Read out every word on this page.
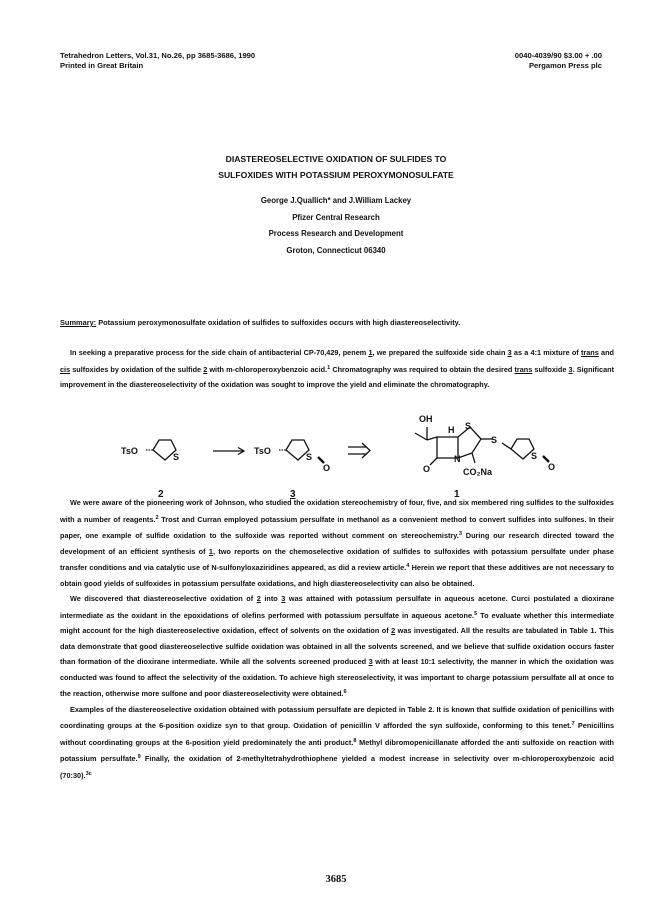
Tetrahedron Letters, Vol.31, No.26, pp 3685-3686, 1990
Printed in Great Britain
0040-4039/90 $3.00 + .00
Pergamon Press plc
DIASTEREOSELECTIVE OXIDATION OF SULFIDES TO
SULFOXIDES WITH POTASSIUM PEROXYMONOSULFATE
George J.Quallich* and J.William Lackey
Pfizer Central Research
Process Research and Development
Groton, Connecticut 06340
Summary: Potassium peroxymonosulfate oxidation of sulfides to sulfoxides occurs with high diastereoselectivity.

In seeking a preparative process for the side chain of antibacterial CP-70,429, penem 1, we prepared the sulfoxide side chain 3 as a 4:1 mixture of trans and cis sulfoxides by oxidation of the sulfide 2 with m-chloroperoxybenzoic acid.$^1$ Chromatography was required to obtain the desired trans sulfoxide 3. Significant improvement in the diastereoselectivity of the oxidation was sought to improve the yield and eliminate the chromatography.

TsO
S
TsO
S
O
OH
H S
N
O
S
CO₂Na
S
O
2	3	1

We were aware of the pioneering work of Johnson, who studied the oxidation stereochemistry of four, five, and six membered ring sulfides to the sulfoxides with a number of reagents.$^2$ Trost and Curran employed potassium persulfate in methanol as a convenient method to convert sulfides into sulfones. In their paper, one example of sulfide oxidation to the sulfoxide was reported without comment on stereochemistry.$^3$ During our research directed toward the development of an efficient synthesis of 1, two reports on the chemoselective oxidation of sulfides to sulfoxides with potassium persulfate under phase transfer conditions and via catalytic use of N-sulfonyloxaziridines appeared, as did a review article.$^4$ Herein we report that these additives are not necessary to obtain good yields of sulfoxides in potassium persulfate oxidations, and high diastereoselectivity can also be obtained.

We discovered that diastereoselective oxidation of 2 into 3 was attained with potassium persulfate in aqueous acetone. Curci postulated a dioxirane intermediate as the oxidant in the epoxidations of olefins performed with potassium persulfate in aqueous acetone.$^5$ To evaluate whether this intermediate might account for the high diastereoselective oxidation, effect of solvents on the oxidation of 2 was investigated. All the results are tabulated in Table 1. This data demonstrate that good diastereoselective sulfide oxidation was obtained in all the solvents screened, and we believe that sulfide oxidation occurs faster than formation of the dioxirane intermediate. While all the solvents screened produced 3 with at least 10:1 selectivity, the manner in which the oxidation was conducted was found to affect the selectivity of the oxidation. To achieve high stereoselectivity, it was important to charge potassium persulfate all at once to the reaction, otherwise more sulfone and poor diastereoselectivity were obtained.$^6$

Examples of the diastereoselective oxidation obtained with potassium persulfate are depicted in Table 2. It is known that sulfide oxidation of penicillins with coordinating groups at the 6-position oxidize syn to that group. Oxidation of penicillin V afforded the syn sulfoxide, conforming to this tenet.$^7$ Penicillins without coordinating groups at the 6-position yield predominately the anti product.$^8$ Methyl dibromopenicillanate afforded the anti sulfoxide on reaction with potassium persulfate.$^9$ Finally, the oxidation of 2-methyltetrahydrothiophene yielded a modest increase in selectivity over m-chloroperoxybenzoic acid (70:30).$^{3c}$

3685
